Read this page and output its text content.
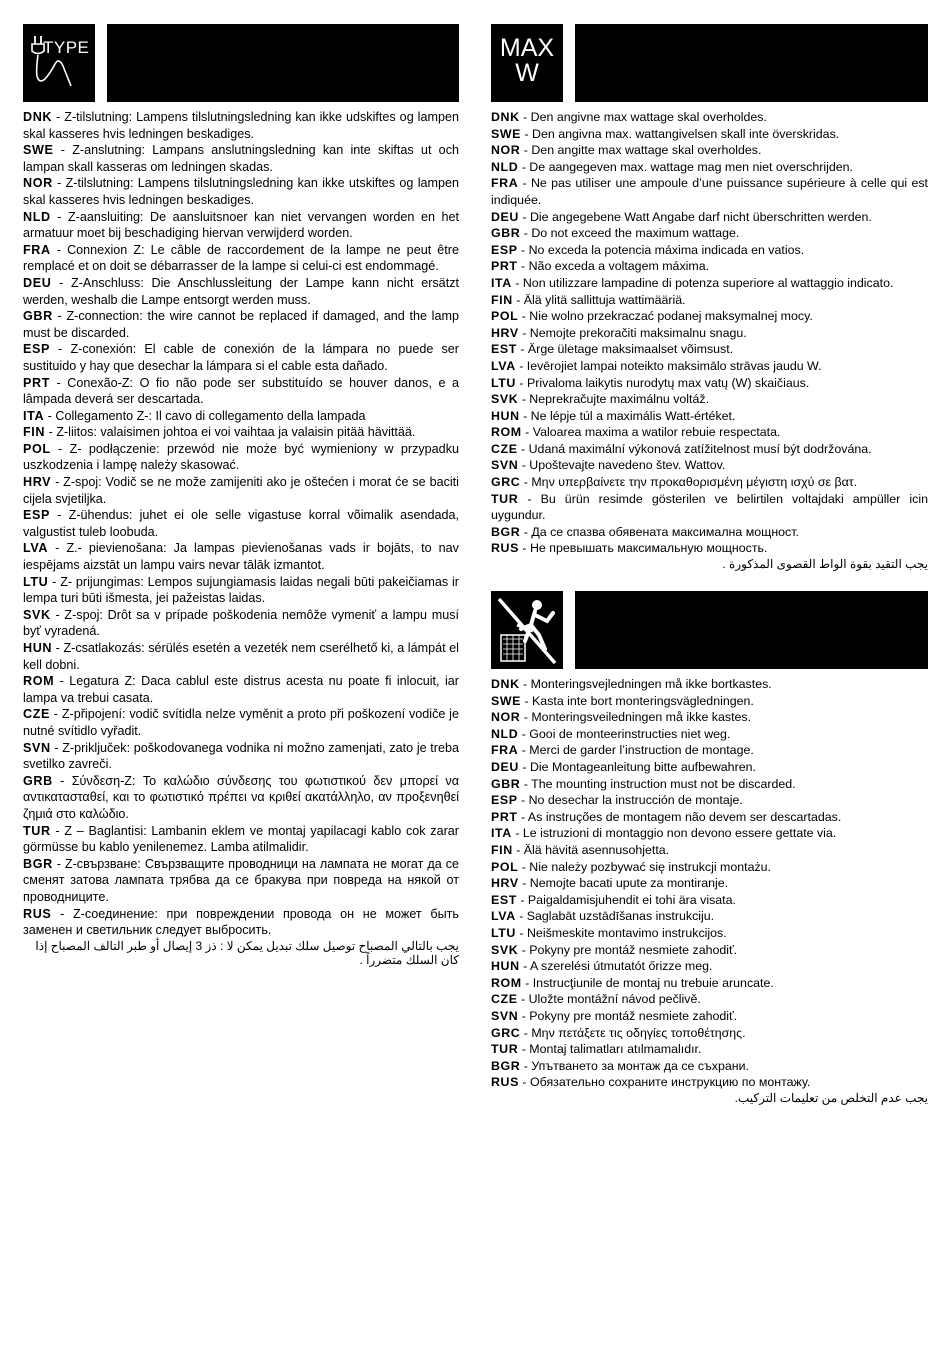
TYPE

DNK - Z-tilslutning: Lampens tilslutningsledning kan ikke udskiftes og lampen skal kasseres hvis ledningen beskadiges.

SWE - Z-anslutning: Lampans anslutningsledning kan inte skiftas ut och lampan skall kasseras om ledningen skadas.

NOR - Z-tilslutning: Lampens tilslutningsledning kan ikke utskiftes og lampen skal kasseres hvis ledningen beskadiges.

NLD - Z-aansluiting: De aansluitsnoer kan niet vervangen worden en het armatuur moet bij beschadiging hiervan verwijderd worden.

FRA - Connexion Z: Le câble de raccordement de la lampe ne peut être remplacé et on doit se débarrasser de la lampe si celui-ci est endommagé.

DEU - Z-Anschluss: Die Anschlussleitung der Lampe kann nicht ersätzt werden, weshalb die Lampe entsorgt werden muss.

GBR - Z-connection: the wire cannot be replaced if damaged, and the lamp must be discarded.

ESP - Z-conexión: El cable de conexión de la lámpara no puede ser sustituido y hay que desechar la lámpara si el cable esta dañado.

PRT - Conexão-Z: O fio não pode ser substituído se houver danos, e a lâmpada deverá ser descartada.

ITA - Collegamento Z-: Il cavo di collegamento della lampada

FIN - Z-liitos: valaisimen johtoa ei voi vaihtaa ja valaisin pitää hävittää.

POL - Z- podłączenie: przewód nie może być wymieniony w przypadku uszkodzenia i lampę należy skasować.

HRV - Z-spoj: Vodič se ne može zamijeniti ako je oštećen i morat će se baciti cijela svjetiljka.

ESP - Z-ühendus: juhet ei ole selle vigastuse korral võimalik asendada, valgustist tuleb loobuda.

LVA - Z.- pievienošana: Ja lampas pievienošanas vads ir bojāts, to nav iespējams aizstāt un lampu vairs nevar tālāk izmantot.

LTU - Z- prijungimas: Lempos sujungiamasis laidas negali būti pakeičiamas ir lempa turi būti išmesta, jei pažeistas laidas.

SVK - Z-spoj: Drôt sa v prípade poškodenia nemôže vymeniť a lampu musí byť vyradená.

HUN - Z-csatlakozás: sérülés esetén a vezeték nem cserélhető ki, a lámpát el kell dobni.

ROM - Legatura Z: Daca cablul este distrus acesta nu poate fi inlocuit, iar lampa va trebui casata.

CZE - Z-připojení: vodič svítidla nelze vyměnit a proto při poškození vodiče je nutné svítidlo vyřadit.

SVN - Z-priključek: poškodovanega vodnika ni možno zamenjati, zato je treba svetilko zavreči.

GRB - Σύνδεση-Z: Το καλώδιο σύνδεσης του φωτιστικού δεν μπορεί να αντικατασταθεί, και το φωτιστικό πρέπει να κριθεί ακατάλληλο, αν προξενηθεί ζημιά στο καλώδιο.

TUR - Z – Baglantisi: Lambanin eklem ve montaj yapilacagi kablo cok zarar görmüsse bu kablo yenilenemez. Lamba atilmalidir.

BGR - Z-свързване: Свързващите проводници на лампата не могат да се сменят затова лампата трябва да се бракува при повреда на някой от проводниците.

RUS - Z-соединение: при повреждении провода он не может быть заменен и светильник следует выбросить.

يجب بالتالي المصباح توصيل سلك تبديل يمكن لا : ذز 3 إيصال أو طبر التالف المصباح إذا كان السلك متضرراً .

MAX
W

DNK - Den angivne max wattage skal overholdes.

SWE - Den angivna max. wattangivelsen skall inte överskridas.

NOR - Den angitte max wattage skal overholdes.

NLD - De aangegeven max. wattage mag men niet overschrijden.

FRA - Ne pas utiliser une ampoule d’une puissance supérieure à celle qui est indiquée.

DEU - Die angegebene Watt Angabe darf nicht überschritten werden.

GBR - Do not exceed the maximum wattage.

ESP - No exceda la potencia máxima indicada en vatios.

PRT - Não exceda a voltagem máxima.

ITA - Non utilizzare lampadine di potenza superiore al wattaggio indicato.

FIN - Älä ylitä sallittuja wattimääriä.

POL - Nie wolno przekraczać podanej maksymalnej mocy.

HRV - Nemojte prekoračiti maksimalnu snagu.

EST - Ärge ületage maksimaalset võimsust.

LVA - Ievērojiet lampai noteikto maksimālo strāvas jaudu W.

LTU - Privaloma laikytis nurodytų max vatų (W) skaičiaus.

SVK - Neprekračujte maximálnu voltáž.

HUN - Ne lépje túl a maximális Watt-értéket.

ROM - Valoarea maxima a watilor rebuie respectata.

CZE - Udaná maximální výkonová zatížitelnost musí být dodržována.

SVN - Upoštevajte navedeno štev. Wattov.

GRC - Μην υπερβαίνετε την προκαθορισμένη μέγιστη ισχύ σε βατ.

TUR - Bu ürün resimde gösterilen ve belirtilen voltajdaki ampüller icin uygundur.

BGR - Да се спазва обявената максимална мощност.

RUS - Не превышать максимальную мощность.

يجب التقيد بقوة الواط القصوى المذكورة .

DNK - Monteringsvejledningen må ikke bortkastes.

SWE - Kasta inte bort monteringsvägledningen.

NOR - Monteringsveiledningen må ikke kastes.

NLD - Gooi de monteerinstructies niet weg.

FRA - Merci de garder l’instruction de montage.

DEU - Die Montageanleitung bitte aufbewahren.

GBR - The mounting instruction must not be discarded.

ESP - No desechar la instrucción de montaje.

PRT - As instruções de montagem não devem ser descartadas.

ITA - Le istruzioni di montaggio non devono essere gettate via.

FIN - Älä hävitä asennusohjetta.

POL - Nie należy pozbywać się instrukcji montażu.

HRV - Nemojte bacati upute za montiranje.

EST - Paigaldamisjuhendit ei tohi ära visata.

LVA - Saglabāt uzstādīšanas instrukciju.

LTU - Neišmeskite montavimo instrukcijos.

SVK - Pokyny pre montáž nesmiete zahodiť.

HUN - A szerelési útmutatót őrizze meg.

ROM - Instrucţiunile de montaj nu trebuie aruncate.

CZE - Uložte montážní návod pečlivě.

SVN - Pokyny pre montáž nesmiete zahodiť.

GRC - Μην πετάξετε τις οδηγίες τοποθέτησης.

TUR - Montaj talimatları atılmamalıdır.

BGR - Упътването за монтаж да се съхрани.

RUS - Обязательно сохраните инструкцию по монтажу.

يجب عدم التخلص من تعليمات التركيب.
